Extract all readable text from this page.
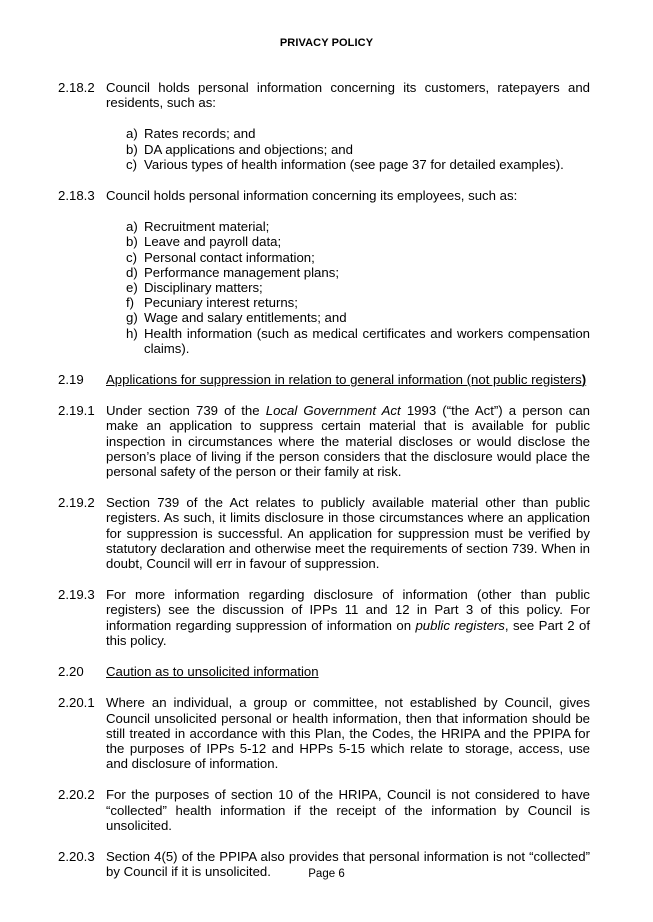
PRIVACY POLICY
2.18.2 Council holds personal information concerning its customers, ratepayers and residents, such as:
a) Rates records; and
b) DA applications and objections; and
c) Various types of health information (see page 37 for detailed examples).
2.18.3 Council holds personal information concerning its employees, such as:
a) Recruitment material;
b) Leave and payroll data;
c) Personal contact information;
d) Performance management plans;
e) Disciplinary matters;
f) Pecuniary interest returns;
g) Wage and salary entitlements; and
h) Health information (such as medical certificates and workers compensation claims).
2.19 Applications for suppression in relation to general information (not public registers)
2.19.1 Under section 739 of the Local Government Act 1993 (“the Act”) a person can make an application to suppress certain material that is available for public inspection in circumstances where the material discloses or would disclose the person’s place of living if the person considers that the disclosure would place the personal safety of the person or their family at risk.
2.19.2 Section 739 of the Act relates to publicly available material other than public registers. As such, it limits disclosure in those circumstances where an application for suppression is successful. An application for suppression must be verified by statutory declaration and otherwise meet the requirements of section 739. When in doubt, Council will err in favour of suppression.
2.19.3 For more information regarding disclosure of information (other than public registers) see the discussion of IPPs 11 and 12 in Part 3 of this policy. For information regarding suppression of information on public registers, see Part 2 of this policy.
2.20 Caution as to unsolicited information
2.20.1 Where an individual, a group or committee, not established by Council, gives Council unsolicited personal or health information, then that information should be still treated in accordance with this Plan, the Codes, the HRIPA and the PPIPA for the purposes of IPPs 5-12 and HPPs 5-15 which relate to storage, access, use and disclosure of information.
2.20.2 For the purposes of section 10 of the HRIPA, Council is not considered to have “collected” health information if the receipt of the information by Council is unsolicited.
2.20.3 Section 4(5) of the PPIPA also provides that personal information is not “collected” by Council if it is unsolicited.	Page 6
